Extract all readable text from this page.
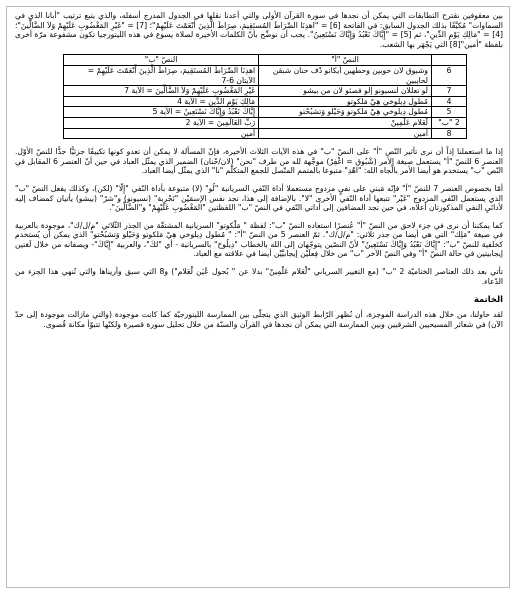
بين معقوفين نقترح التطابقات التي يمكن أن نجدها في سورة القرآن الأولى والتي أعدنا نقلها في الجدول المدرج أسفله، والذي يتبع ترتيب "أبانا الذي في السماوات" مُكيَّفًا بذلك الجدول السابق: في الفاتحة [6] = "اهدِنَا الصِّرَاطَ المُستَقِيمَ، صِرَاطَ الَّذِينَ أَنْعَمْتَ عَلَيْهِمْ"؛ [7] = "غَيْرِ المَغْضُوبِ عَلَيْهِمْ وَلاَ الضَّالِّينَ"؛ [4] = "مَالِكِ يَوْمِ الدِّينِ"، ثم [5] = "إِيَّاكَ نَعْبُدُ وَإِيَّاكَ نَسْتَعِينُ". يجب أن نوضِّح بأنّ الكلمات الأخيرة لصلاة يسوع في هذه الليتورجيا تكون مشفوعة مرّة أخرى بلفظة "أمين"[8] التي يَجْهَر بها الشعب.

	النصّ "أ"	النصّ "ب"
6	وشبوق لان حوبين وحطهين أيكانو دْف حنان شبقن لحايبين	اهدِنَا الصِّرَاطَ المُستَقِيمَ، صِرَاطَ الَّذِينَ أَنْعَمْتَ عَلَيْهِمْ = الآيتان 6-7
7	لُو تعللان لنسيونو إلو فصئو لان من بيشو	غَيْرِ المَغْضُوبِ عَلَيْهِمْ وَلاَ الضَّالِّينَ = الآية 7
4	مُطول دِيلوخي هِيْ مَلكوتو	مَالِكِ يَوْمِ الدِّينِ = الآية 4
5	مُطول دِيلوخي هِيْ مَلكوتو وَحَيْلو وَتشبُحْتو	إِيَّاكَ نَعْبُدُ وَإِيَّاكَ نَسْتَعِينُ = الآية 5
2 "ب"	لْعَلام عَلْمِينْ	رَبِّ العَالَمِينَ = الآية 2
8	أمين	أمين

إذا ما استعملنا إذاً أن نرى تأثير النّص "أ" على النصّ "ب" في هذه الآيات الثلاث الأخيرة، فإنّ المسألة لا يمكن أن تعدو كونها تكييفًا جزئيًّا جدًّا للنصّ الأوّل. العنصر 6 للنصّ "أ" يستعمل صيغة الأمر (شْبُوق = اغْفِرْ) موجَّهة لله من طرف "نحن" (لان/حْنان) الضمير الذي يمثّل العباد في حين أنّ العنصر 6 المقابل في النّص "ب" يستخدم هو أيضا الأمر بالِّجاه الله: "اهْدِ" متبوعا بالمتمم المتّصل للجمع المتكلّم "نا" الذي يمثّل أيضا العباد.

أمّا بخصوص العنصر 7 للنصّ "أ" فإنّه مَبني على نفيٍ مزدوج مستعملا أداة النّفي السريانية "لُو" (لا) متبوعة بأداة النّفي "إِلّا" (لكن)، وكذلك يفعل النصّ "ب" الذي يستعمل النّفي المزدوج "غَيْر" تتبعها أداة النّفي الأخرى "لا". بالإضافة إلى هذا، نجد نفس الإسمَيْن "تَجْرِبة" (نسيونو) و"شرّ" (بيشو) يأتيان كمضاف إليه لأداتَيِ النفي المذكورتان أعلاه، في حين نجد المضافين إلى أداتي النّفي في النصّ "ب" اللفظتين "المَغْضُوبِ عَلَيْهِمْ" و"الضَّالِّينَ".

كما يمكننا أن نرى في جزء لاحق من النصّ "أ" عُنصرًا استعاده النصّ "ب": لفظة " مَلْكوتو" السريانية المشتقّة من الجذر الثّلاثي "م/ل/ك"، موجودة بالعربية في صيغة "مَلِك" التي هي أيضا من جذر ثلاثي: "م/ل/ك". ثمّ العنصر 5 من النصّ "أ": " مُطول دِيلوخي هِيْ مَلكوتو وَحَيْلو وَتشبُحْتو" الذي يمكن أن يُستخدم كخلفية للنصّ "ب": "إِيَّاكَ نَعْبُدُ وَإِيَّاكَ نَسْتَعِينُ" لأنّ النصّين يتوجّهان إلى الله بالخطاب "دِيلُوخ" بالسريانية - أي "لكَ"، والعربية "إِيَّاكَ"- ويصفانه من خلال لَغتين إيجابيتين في حالة النصّ "أ" وفي النصّ الآخر "ب" من خلال فِعلَيْن إيجابيَّيْن أيضا في علاقته مع العباد.

تأتي بعد ذلك العناصر الختاميّة 2 "ب" (مع التغيير السرياني "لْعَلام عَلْمِينْ" بدلا عن " بُحول عْيَن لْعَلام") و8 التي سبق وأريناها والتي تُنهي هذا الجزء من الدّعاء.

الخاتمة

لقد حاولنا، من خلال هذه الدراسة الموجزة، أن نُظهر الرّابط الوثيق الذي يتجلّى بين الممارسة الليتورجيّة كما كانت موجودة (والتي مازالت موجودة إلى حدّ الآن) في شعائر المسيحيين الشرقيين وبين الممارسة التي يمكن أن نجدها في القرآن والسنّة من خلال تحليل سورة قصيرة ولكنّها تتبوّأ مكانة قُصوى.
